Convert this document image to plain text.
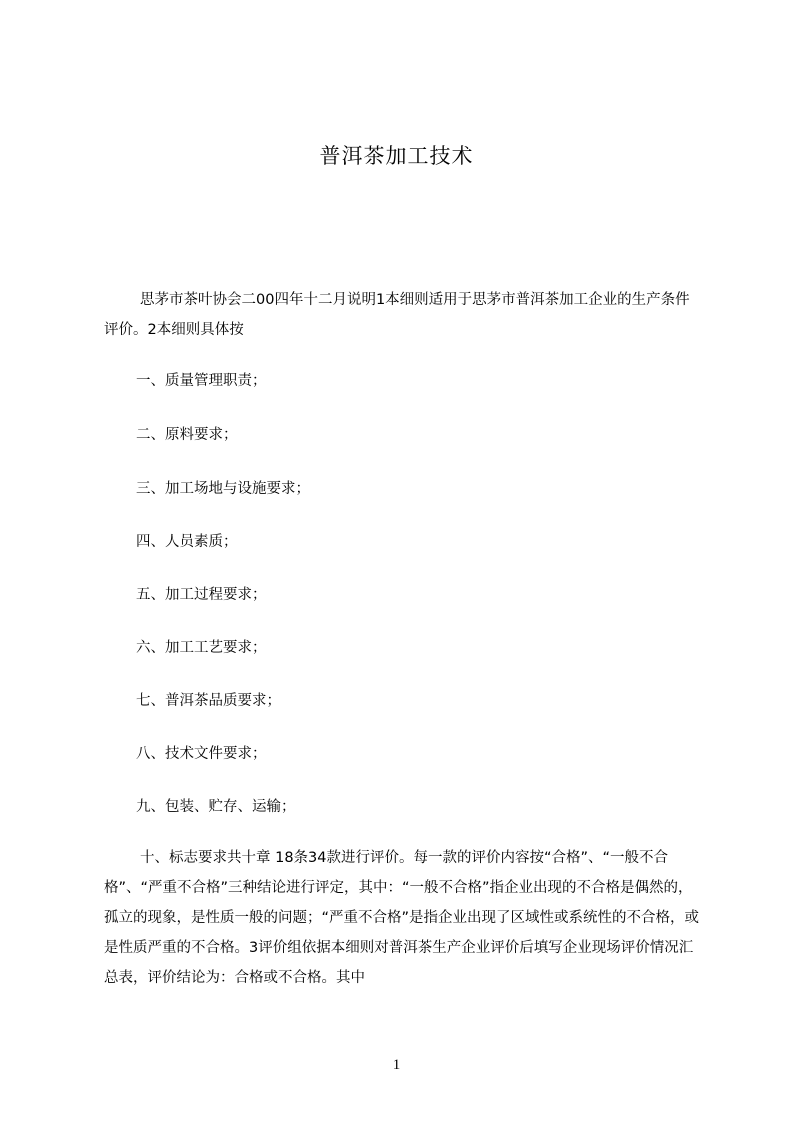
普洱茶加工技术

思茅市茶叶协会二00四年十二月说明1本细则适用于思茅市普洱茶加工企业的生产条件评价。2本细则具体按

一、质量管理职责；
二、原料要求；
三、加工场地与设施要求；
四、人员素质；
五、加工过程要求；
六、加工工艺要求；
七、普洱茶品质要求；
八、技术文件要求；
九、包装、贮存、运输；

十、标志要求共十章 18条34款进行评价。每一款的评价内容按“合格”、“一般不合格”、“严重不合格”三种结论进行评定，其中：“一般不合格”指企业出现的不合格是偶然的，孤立的现象，是性质一般的问题；“严重不合格”是指企业出现了区域性或系统性的不合格，或是性质严重的不合格。3评价组依据本细则对普洱茶生产企业评价后填写企业现场评价情况汇总表，评价结论为：合格或不合格。其中

1
